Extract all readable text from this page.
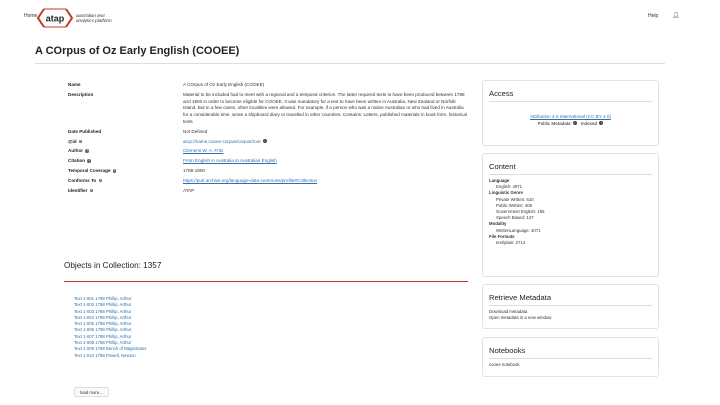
Home atap	australian text
analytics platform
Help 👤︎
A COrpus of Oz Early English (COOEE)
Name	A COrpus of Oz Early English (COOEE)
Description	Material to be included had to meet with a regional and a temporal criterion. The latter required texts to have been produced between 1788 and 1900 in order to become eligible for COOEE. It was mandatory for a text to have been written in Australia, New Zealand or Norfolk Island. But in a few cases, other localities were allowed. For example, if a person who was a native Australian or who had lived in Australia for a considerable time, wrote a shipboard diary or travelled in other countries. Contains: Letters, published materials in book form, historical texts
Date Published	Not Defined
@id i	arcp://name,cooee-corpus/corpus/root i
Author i	Clemens W. A. Fritz
Citation i	From English in Australia to Australian English
Temporal Coverage i	1788-1900
Conforms To i	https://purl.archive.org/language-data-commons/profile#Collection
Identifier i	ATAP
Objects in Collection: 1357
Text 1-001 1788 Phillip, Arthur
Text 1-002 1788 Phillip, Arthur
Text 1-003 1788 Phillip, Arthur
Text 1-004 1788 Phillip, Arthur
Text 1-005 1788 Phillip, Arthur
Text 1-006 1788 Phillip, Arthur
Text 1-007 1788 Phillip, Arthur
Text 1-008 1788 Phillip, Arthur
Text 1-009 1788 Bench of Magistrates
Text 1-010 1788 Powell, Newton
load more...
Access
Attribution 4.0 International (CC BY 4.0)
Public Metadata i Indexed i
Content
Language
English: 4071
Linguistic Genre
Private Written: 610
Public Written: 405
Government English: 195
Speech Based: 147
Modality
WrittenLanguage: 4071
File Formats
text/plain: 2714
Retrieve Metadata
Download metadata
Open metadata in a new window
Notebooks
cooee notebook
